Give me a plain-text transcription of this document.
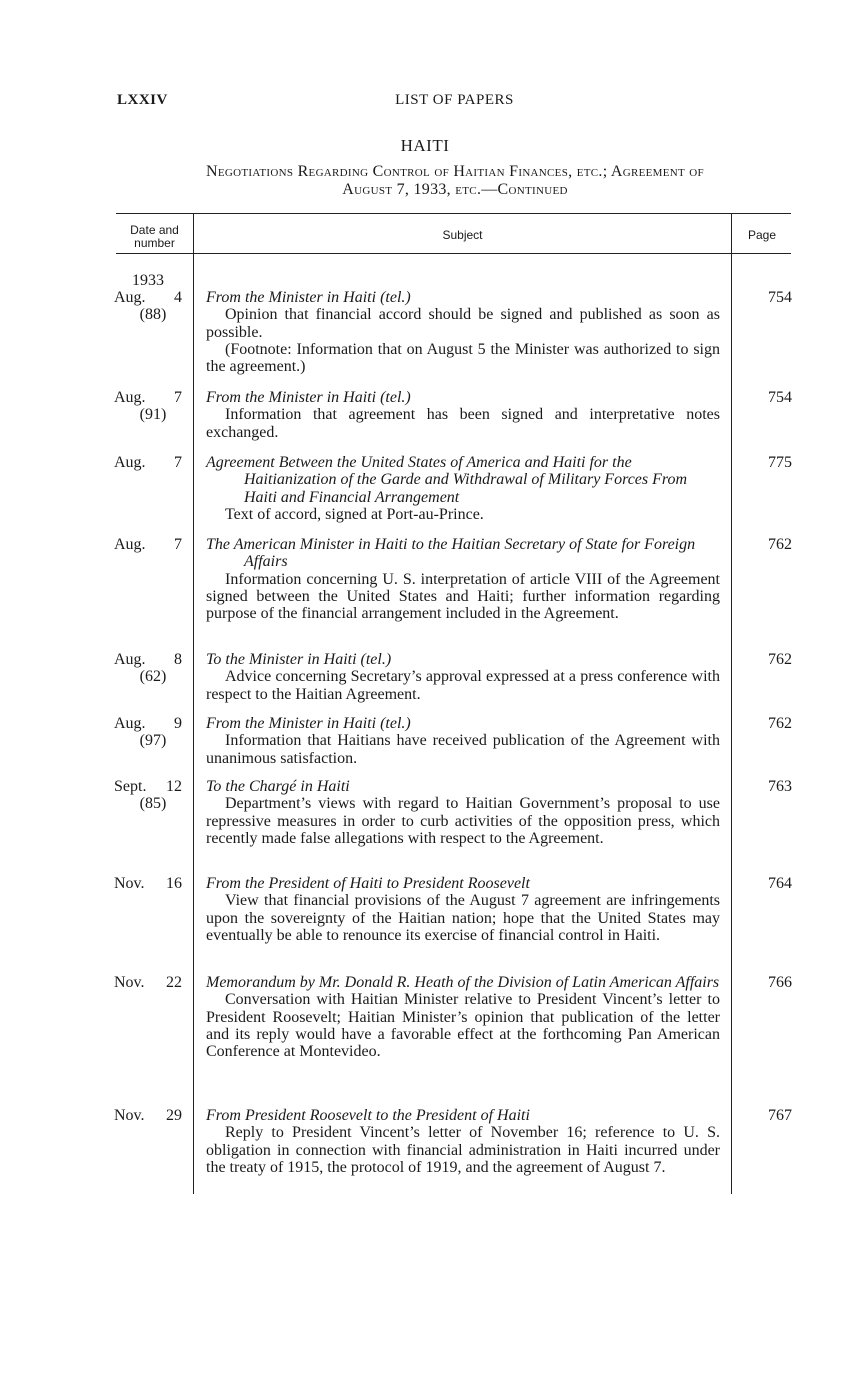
LXXIV	LIST OF PAPERS
HAITI
Negotiations Regarding Control of Haitian Finances, etc.; Agreement of
August 7, 1933, etc.—Continued
Date and
number
Subject	Page
1933
Aug. 4
(88)
From the Minister in Haiti (tel.)
Opinion that financial accord should be signed and published as soon as possible.
(Footnote: Information that on August 5 the Minister was authorized to sign the agreement.)
754
Aug. 7
(91)
From the Minister in Haiti (tel.)
Information that agreement has been signed and interpretative notes exchanged.
754
Aug. 7 Agreement Between the United States of America and Haiti for the Haitianization of the Garde and Withdrawal of Military Forces From Haiti and Financial Arrangement
Text of accord, signed at Port-au-Prince.
775
Aug. 7 The American Minister in Haiti to the Haitian Secretary of State for Foreign Affairs
Information concerning U. S. interpretation of article VIII of the Agreement signed between the United States and Haiti; further information regarding purpose of the financial arrangement included in the Agreement.
762
Aug. 8
(62)
To the Minister in Haiti (tel.)
Advice concerning Secretary’s approval expressed at a press conference with respect to the Haitian Agreement.
762
Aug. 9
(97)
From the Minister in Haiti (tel.)
Information that Haitians have received publication of the Agreement with unanimous satisfaction.
762
Sept. 12
(85)
To the Chargé in Haiti
Department’s views with regard to Haitian Government’s proposal to use repressive measures in order to curb activities of the opposition press, which recently made false allegations with respect to the Agreement.
763
Nov. 16 From the President of Haiti to President Roosevelt
View that financial provisions of the August 7 agreement are infringements upon the sovereignty of the Haitian nation; hope that the United States may eventually be able to renounce its exercise of financial control in Haiti.
764
Nov. 22 Memorandum by Mr. Donald R. Heath of the Division of Latin American Affairs
Conversation with Haitian Minister relative to President Vincent’s letter to President Roosevelt; Haitian Minister’s opinion that publication of the letter and its reply would have a favorable effect at the forthcoming Pan American Conference at Montevideo.
766
Nov. 29 From President Roosevelt to the President of Haiti
Reply to President Vincent’s letter of November 16; reference to U. S. obligation in connection with financial administration in Haiti incurred under the treaty of 1915, the protocol of 1919, and the agreement of August 7.
767
